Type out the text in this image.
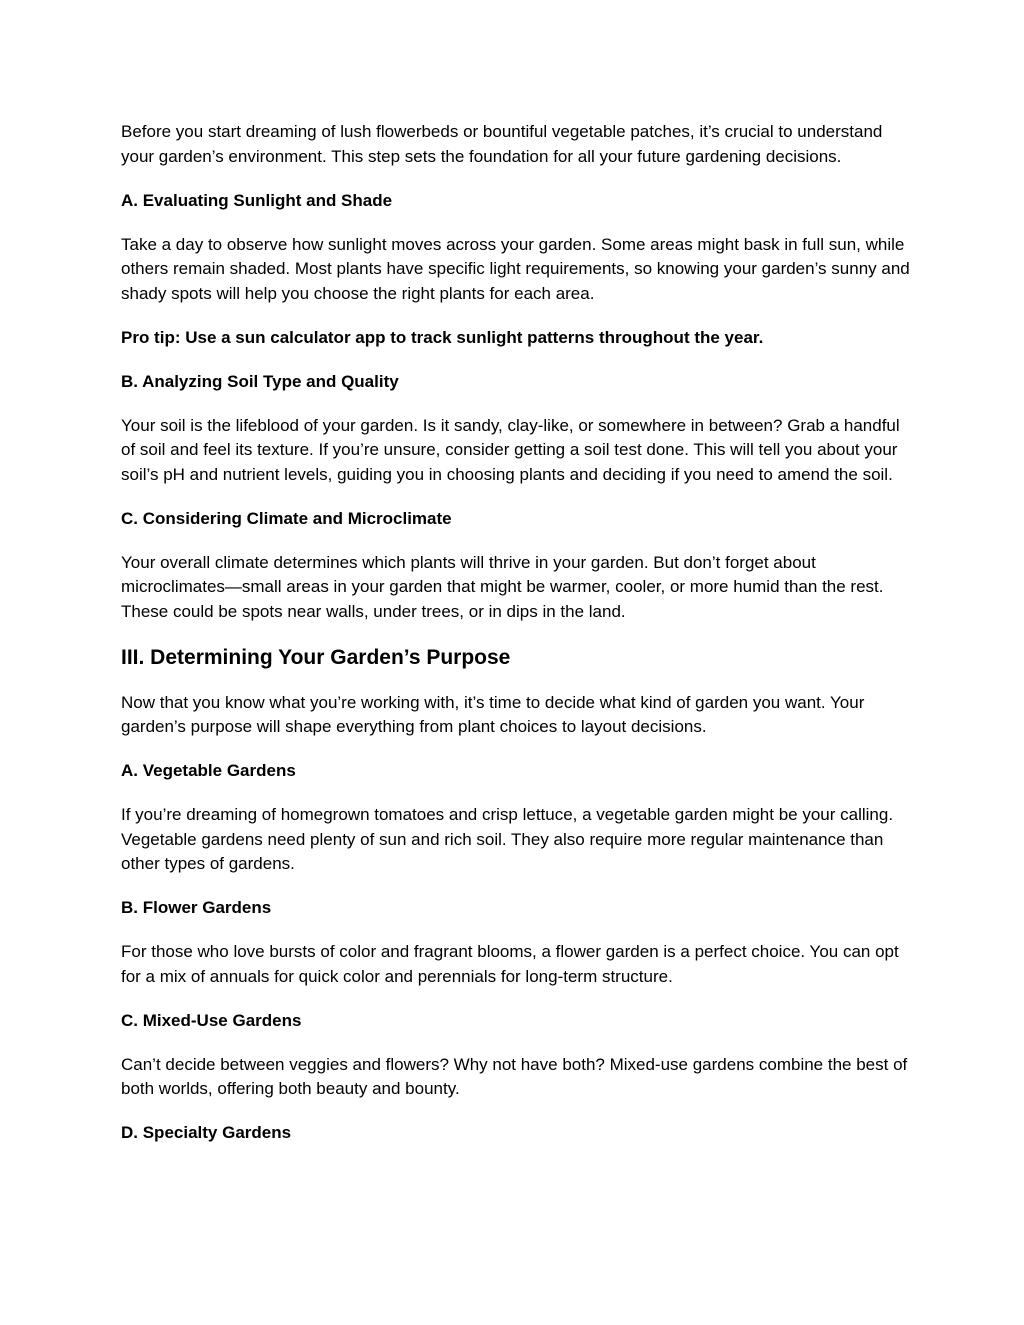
Before you start dreaming of lush flowerbeds or bountiful vegetable patches, it’s crucial to understand your garden’s environment. This step sets the foundation for all your future gardening decisions.

A. Evaluating Sunlight and Shade

Take a day to observe how sunlight moves across your garden. Some areas might bask in full sun, while others remain shaded. Most plants have specific light requirements, so knowing your garden’s sunny and shady spots will help you choose the right plants for each area.

Pro tip: Use a sun calculator app to track sunlight patterns throughout the year.

B. Analyzing Soil Type and Quality

Your soil is the lifeblood of your garden. Is it sandy, clay-like, or somewhere in between? Grab a handful of soil and feel its texture. If you’re unsure, consider getting a soil test done. This will tell you about your soil’s pH and nutrient levels, guiding you in choosing plants and deciding if you need to amend the soil.

C. Considering Climate and Microclimate

Your overall climate determines which plants will thrive in your garden. But don’t forget about microclimates—small areas in your garden that might be warmer, cooler, or more humid than the rest. These could be spots near walls, under trees, or in dips in the land.

III. Determining Your Garden’s Purpose

Now that you know what you’re working with, it’s time to decide what kind of garden you want. Your garden’s purpose will shape everything from plant choices to layout decisions.

A. Vegetable Gardens

If you’re dreaming of homegrown tomatoes and crisp lettuce, a vegetable garden might be your calling. Vegetable gardens need plenty of sun and rich soil. They also require more regular maintenance than other types of gardens.

B. Flower Gardens

For those who love bursts of color and fragrant blooms, a flower garden is a perfect choice. You can opt for a mix of annuals for quick color and perennials for long-term structure.

C. Mixed-Use Gardens

Can’t decide between veggies and flowers? Why not have both? Mixed-use gardens combine the best of both worlds, offering both beauty and bounty.

D. Specialty Gardens
